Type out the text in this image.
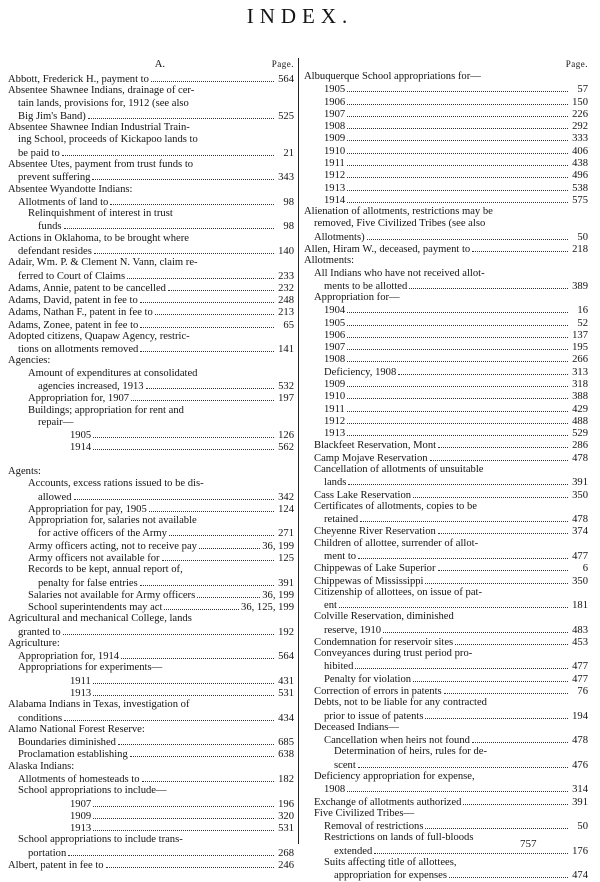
INDEX.
A.	Page.
Abbott, Frederick H., payment to	564
Absentee Shawnee Indians, drainage of cer-
tain lands, provisions for, 1912 (see also
Big Jim's Band)	525
Absentee Shawnee Indian Industrial Train-
ing School, proceeds of Kickapoo lands to
be paid to	21
Absentee Utes, payment from trust funds to
prevent suffering	343
Absentee Wyandotte Indians:
Allotments of land to	98
Relinquishment of interest in trust
funds	98
Actions in Oklahoma, to be brought where
defendant resides	140
Adair, Wm. P. & Clement N. Vann, claim re-
ferred to Court of Claims	233
Adams, Annie, patent to be cancelled	232
Adams, David, patent in fee to	248
Adams, Nathan F., patent in fee to	213
Adams, Zonee, patent in fee to	65
Adopted citizens, Quapaw Agency, restric-
tions on allotments removed	141
Agencies:
Amount of expenditures at consolidated
agencies increased, 1913	532
Appropriation for, 1907	197
Buildings; appropriation for rent and
repair—
1905	126
1914	562
Agents:
Accounts, excess rations issued to be dis-
allowed	342
Appropriation for pay, 1905	124
Appropriation for, salaries not available
for active officers of the Army	271
Army officers acting, not to receive pay	36, 199
Army officers not available for	125
Records to be kept, annual report of,
penalty for false entries	391
Salaries not available for Army officers	36, 199
School superintendents may act	36, 125, 199
Agricultural and mechanical College, lands
granted to	192
Agriculture:
Appropriation for, 1914	564
Appropriations for experiments—
1911	431
1913	531
Alabama Indians in Texas, investigation of
conditions	434
Alamo National Forest Reserve:
Boundaries diminished	685
Proclamation establishing	638
Alaska Indians:
Allotments of homesteads to	182
School appropriations to include—
1907	196
1909	320
1913	531
School appropriations to include trans-
portation	268
Albert, patent in fee to	246
Page.
Albuquerque School appropriations for—
1905	57
1906	150
1907	226
1908	292
1909	333
1910	406
1911	438
1912	496
1913	538
1914	575
Alienation of allotments, restrictions may be
removed, Five Civilized Tribes (see also
Allotments)	50
Allen, Hiram W., deceased, payment to	218
Allotments:
All Indians who have not received allot-
ments to be allotted	389
Appropriation for—
1904	16
1905	52
1906	137
1907	195
1908	266
Deficiency, 1908	313
1909	318
1910	388
1911	429
1912	488
1913	529
Blackfeet Reservation, Mont	286
Camp Mojave Reservation	478
Cancellation of allotments of unsuitable
lands	391
Cass Lake Reservation	350
Certificates of allotments, copies to be
retained	478
Cheyenne River Reservation	374
Children of allottee, surrender of allot-
ment to	477
Chippewas of Lake Superior	6
Chippewas of Mississippi	350
Citizenship of allottees, on issue of pat-
ent	181
Colville Reservation, diminished
reserve, 1910	483
Condemnation for reservoir sites	453
Conveyances during trust period pro-
hibited	477
Penalty for violation	477
Correction of errors in patents	76
Debts, not to be liable for any contracted
prior to issue of patents	194
Deceased Indians—
Cancellation when heirs not found	478
Determination of heirs, rules for de-
scent	476
Deficiency appropriation for expense,
1908	314
Exchange of allotments authorized	391
Five Civilized Tribes—
Removal of restrictions	50
Restrictions on lands of full-bloods
extended	176
Suits affecting title of allottees,
appropriation for expenses	474
757
